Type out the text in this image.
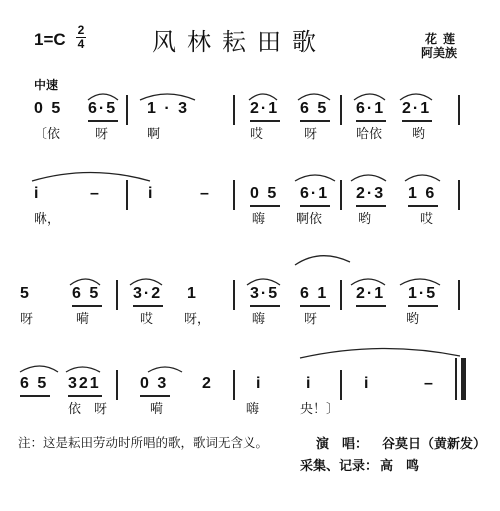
1=C 2
4	风林耘田歌	花莲
阿美族
中速
0 5 6·5 1 · 3	2·1 6 5 6·1 2·1
〔依	呀	啊	哎	呀	哈依 哟
i	–	i	– 0 5 6·1 2·3 1 6
咻，	嗨 啊依	哟	哎
5	6 5 3·2 1	3·5 6 1 2·1 1·5
呀	嗬	哎 呀，	嗨	呀	哟
6 5 321 0 3 2	i	i	i	–
依 呀	嗬	嗨	央！〕
注：这是耘田劳动时所唱的歌，歌词无含义。	演　唱： 谷莫日（黄新发）
采集、记录： 高　鸣
